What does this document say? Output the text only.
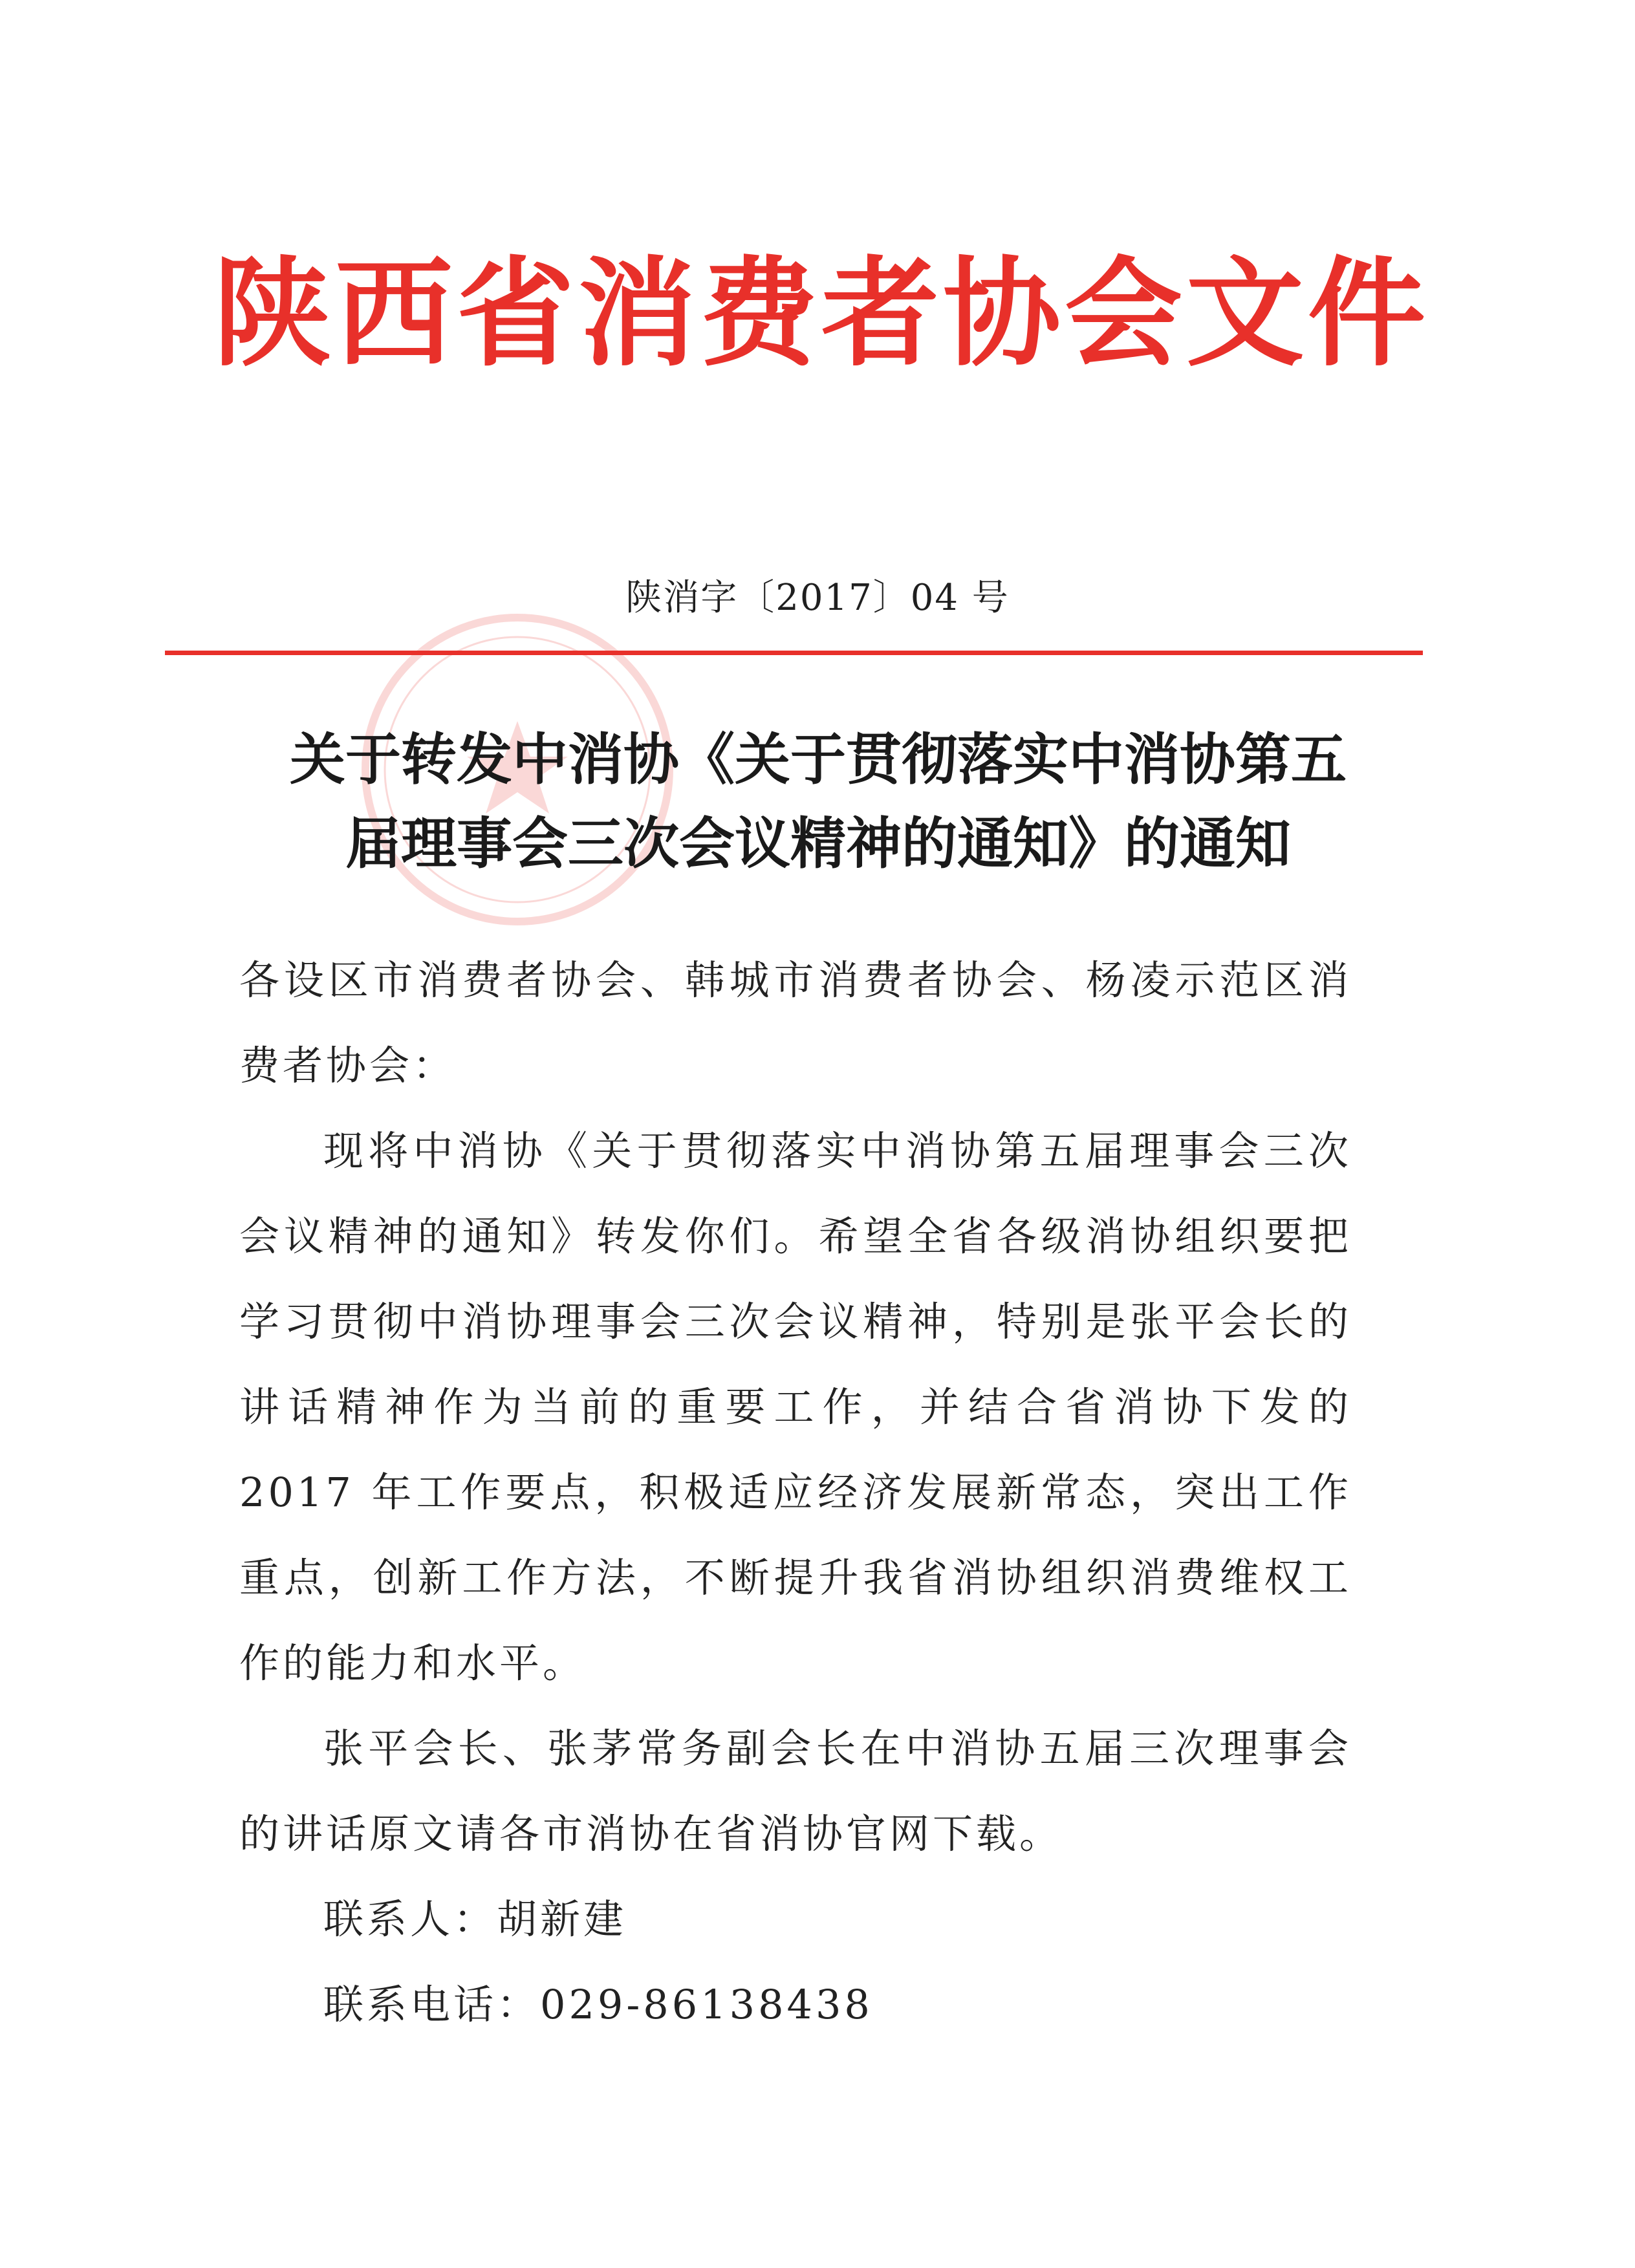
陕西省消费者协会文件
陕消字〔2017〕04 号
关于转发中消协《关于贯彻落实中消协第五
届理事会三次会议精神的通知》的通知

各设区市消费者协会、韩城市消费者协会、杨凌示范区消费者协会：

现将中消协《关于贯彻落实中消协第五届理事会三次会议精神的通知》转发你们。希望全省各级消协组织要把学习贯彻中消协理事会三次会议精神，特别是张平会长的讲话精神作为当前的重要工作，并结合省消协下发的 2017 年工作要点，积极适应经济发展新常态，突出工作重点，创新工作方法，不断提升我省消协组织消费维权工作的能力和水平。

张平会长、张茅常务副会长在中消协五届三次理事会的讲话原文请各市消协在省消协官网下载。

联系人：胡新建

联系电话：029-86138438
